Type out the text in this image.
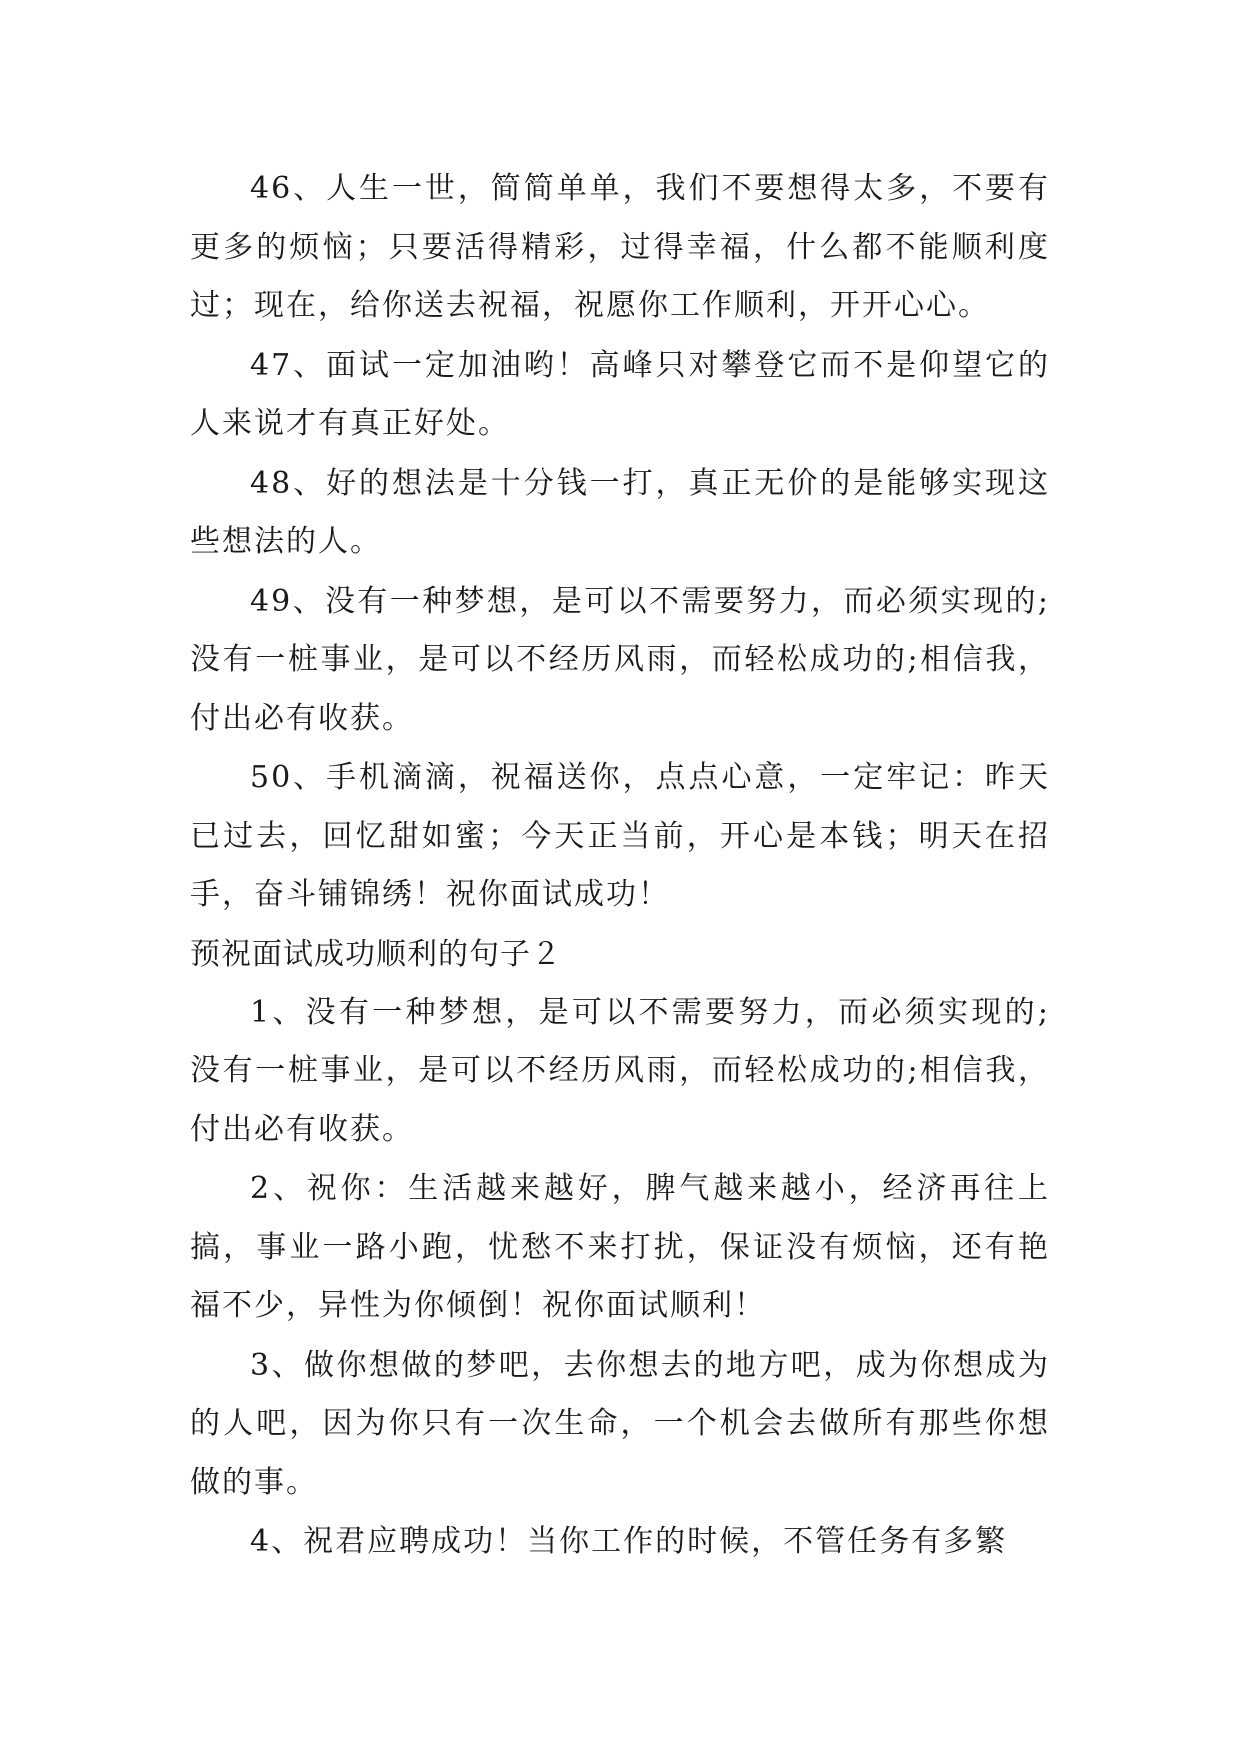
46、人生一世，简简单单，我们不要想得太多，不要有更多的烦恼；只要活得精彩，过得幸福，什么都不能顺利度过；现在，给你送去祝福，祝愿你工作顺利，开开心心。

47、面试一定加油哟！高峰只对攀登它而不是仰望它的人来说才有真正好处。

48、好的想法是十分钱一打，真正无价的是能够实现这些想法的人。

49、没有一种梦想，是可以不需要努力，而必须实现的;没有一桩事业，是可以不经历风雨，而轻松成功的;相信我，付出必有收获。

50、手机滴滴，祝福送你，点点心意，一定牢记：昨天已过去，回忆甜如蜜；今天正当前，开心是本钱；明天在招手，奋斗铺锦绣！祝你面试成功！

预祝面试成功顺利的句子２

1、没有一种梦想，是可以不需要努力，而必须实现的;没有一桩事业，是可以不经历风雨，而轻松成功的;相信我，付出必有收获。

2、祝你：生活越来越好，脾气越来越小，经济再往上搞，事业一路小跑，忧愁不来打扰，保证没有烦恼，还有艳福不少，异性为你倾倒！祝你面试顺利！

3、做你想做的梦吧，去你想去的地方吧，成为你想成为的人吧，因为你只有一次生命，一个机会去做所有那些你想做的事。

4、祝君应聘成功！当你工作的时候，不管任务有多繁
